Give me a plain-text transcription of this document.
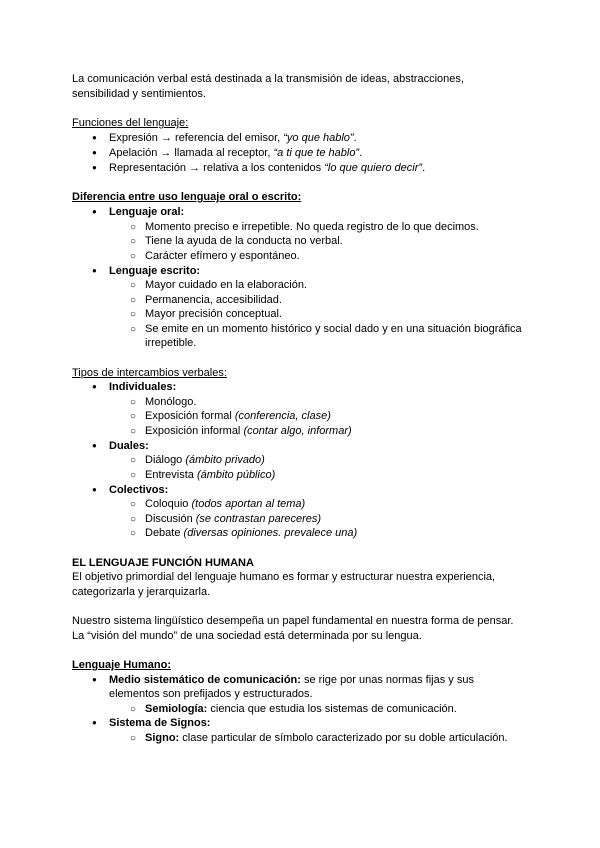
La comunicación verbal está destinada a la transmisión de ideas, abstracciones,
sensibilidad y sentimientos.
Funciones del lenguaje:
●
Expresión → referencia del emisor, “yo que hablo”.
●
Apelación → llamada al receptor, “a ti que te hablo”.
●
Representación → relativa a los contenidos “lo que quiero decir”.
Diferencia entre uso lenguaje oral o escrito:
●
Lenguaje oral:
○
Momento preciso e irrepetible. No queda registro de lo que decimos.
○
Tiene la ayuda de la conducta no verbal.
○
Carácter efímero y espontáneo.
●
Lenguaje escrito:
○
Mayor cuidado en la elaboración.
○
Permanencia, accesibilidad.
○
Mayor precisión conceptual.
○
Se emite en un momento histórico y social dado y en una situación biográfica
irrepetible.
Tipos de intercambios verbales:
●
Individuales:
○
Monólogo.
○
Exposición formal (conferencia, clase)
○
Exposición informal (contar algo, informar)
●
Duales:
○
Diálogo (ámbito privado)
○
Entrevista (ámbito público)
●
Colectivos:
○
Coloquio (todos aportan al tema)
○
Discusión (se contrastan pareceres)
○
Debate (diversas opiniones. prevalece una)
EL LENGUAJE FUNCIÓN HUMANA
El objetivo primordial del lenguaje humano es formar y estructurar nuestra experiencia,
categorizarla y jerarquizarla.
Nuestro sistema lingüístico desempeña un papel fundamental en nuestra forma de pensar.
La “visión del mundo” de una sociedad está determinada por su lengua.
Lenguaje Humano:
●
Medio sistemático de comunicación: se rige por unas normas fijas y sus
elementos son prefijados y estructurados.
○
Semiología: ciencia que estudia los sistemas de comunicación.
●
Sistema de Signos:
○
Signo: clase particular de símbolo caracterizado por su doble articulación.
